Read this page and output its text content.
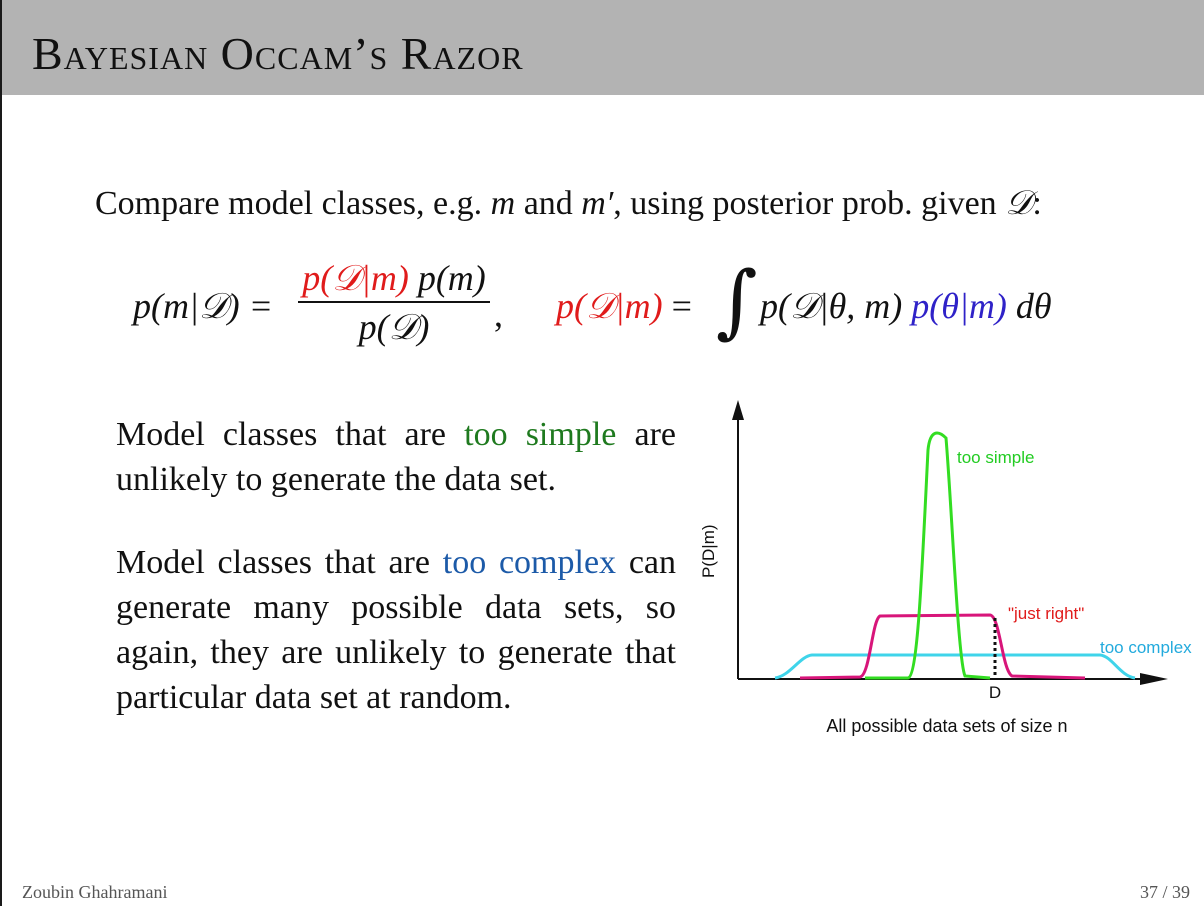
Bayesian Occam’s Razor
Compare model classes, e.g. m and m′, using posterior prob. given 𝒟:
p(m|𝒟) =
p(𝒟|m) p(m)
p(𝒟)	, p(𝒟|m) = ∫ p(𝒟|θ, m) p(θ|m) dθ
Model classes that are too simple are unlikely to generate the data set.
Model classes that are too complex can generate many possible data sets, so again, they are unlikely to generate that particular data set at random.
P(D|m)
D
All possible data sets of size n
too simple
"just right"
too complex
Zoubin Ghahramani	37 / 39
